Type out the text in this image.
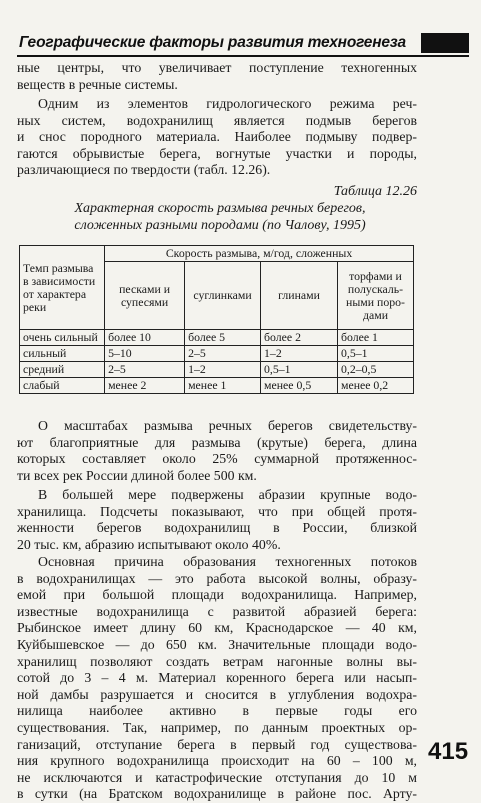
Географические факторы развития техногенеза
ные центры, что увеличивает поступление техногенных
веществ в речные системы.
Одним из элементов гидрологического режима реч-
ных систем, водохранилищ является подмыв берегов
и снос породного материала. Наиболее подмыву подвер-
гаются обрывистые берега, вогнутые участки и породы,
различающиеся по твердости (табл. 12.26).
Таблица 12.26
Характерная скорость размыва речных берегов,
сложенных разными породами (по Чалову, 1995)
Темп размыва в зависимости от характера реки	Скорость размыва, м/год, сложенных			
	песками и супесями	суглинками	глинами	торфами и полускаль-ными поро-дами
очень сильный	более 10	более 5	более 2	более 1
сильный	5–10	2–5	1–2	0,5–1
средний	2–5	1–2	0,5–1	0,2–0,5
слабый	менее 2	менее 1	менее 0,5	менее 0,2
О масштабах размыва речных берегов свидетельству-
ют благоприятные для размыва (крутые) берега, длина
которых составляет около 25% суммарной протяженнос-
ти всех рек России длиной более 500 км.
В большей мере подвержены абразии крупные водо-
хранилища. Подсчеты показывают, что при общей протя-
женности берегов водохранилищ в России, близкой
20 тыс. км, абразию испытывают около 40%.
Основная причина образования техногенных потоков
в водохранилищах — это работа высокой волны, образу-
емой при большой площади водохранилища. Например,
известные водохранилища с развитой абразией берега:
Рыбинское имеет длину 60 км, Краснодарское — 40 км,
Куйбышевское — до 650 км. Значительные площади водо-
хранилищ позволяют создать ветрам нагонные волны вы-
сотой до 3 – 4 м. Материал коренного берега или насып-
ной дамбы разрушается и сносится в углубления водохра-
нилища наиболее активно в первые годы его
существования. Так, например, по данным проектных ор-
ганизаций, отступание берега в первый год существова-
ния крупного водохранилища происходит на 60 – 100 м,
не исключаются и катастрофические отступания до 10 м
в сутки (на Братском водохранилище в районе пос. Арту-
415
